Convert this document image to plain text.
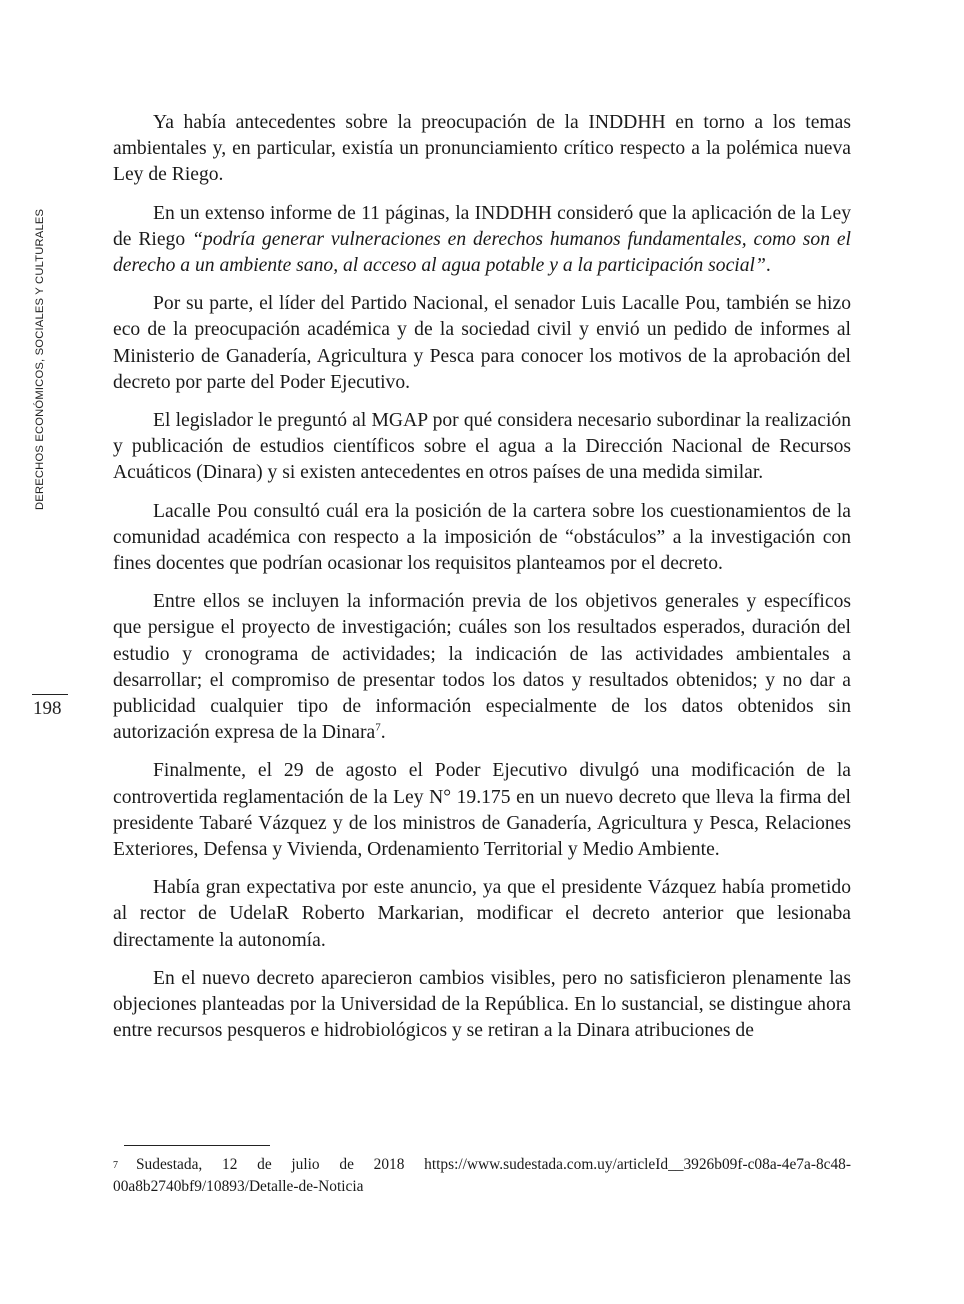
DERECHOS ECONÓMICOS, SOCIALES Y CULTURALES
198

Ya había antecedentes sobre la preocupación de la INDDHH en torno a los temas ambientales y, en particular, existía un pronunciamiento crítico respecto a la polémica nueva Ley de Riego.

En un extenso informe de 11 páginas, la INDDHH consideró que la aplicación de la Ley de Riego “podría generar vulneraciones en derechos humanos fundamentales, como son el derecho a un ambiente sano, al acceso al agua potable y a la participación social”.

Por su parte, el líder del Partido Nacional, el senador Luis Lacalle Pou, también se hizo eco de la preocupación académica y de la sociedad civil y envió un pedido de informes al Ministerio de Ganadería, Agricultura y Pesca para conocer los motivos de la aprobación del decreto por parte del Poder Ejecutivo.

El legislador le preguntó al MGAP por qué considera necesario subordinar la realización y publicación de estudios científicos sobre el agua a la Dirección Nacional de Recursos Acuáticos (Dinara) y si existen antecedentes en otros países de una medida similar.

Lacalle Pou consultó cuál era la posición de la cartera sobre los cuestionamientos de la comunidad académica con respecto a la imposición de “obstáculos” a la investigación con fines docentes que podrían ocasionar los requisitos planteamos por el decreto.

Entre ellos se incluyen la información previa de los objetivos generales y específicos que persigue el proyecto de investigación; cuáles son los resultados esperados, duración del estudio y cronograma de actividades; la indicación de las actividades ambientales a desarrollar; el compromiso de presentar todos los datos y resultados obtenidos; y no dar a publicidad cualquier tipo de información especialmente de los datos obtenidos sin autorización expresa de la Dinara$^7$.

Finalmente, el 29 de agosto el Poder Ejecutivo divulgó una modificación de la controvertida reglamentación de la Ley N° 19.175 en un nuevo decreto que lleva la firma del presidente Tabaré Vázquez y de los ministros de Ganadería, Agricultura y Pesca, Relaciones Exteriores, Defensa y Vivienda, Ordenamiento Territorial y Medio Ambiente.

Había gran expectativa por este anuncio, ya que el presidente Vázquez había prometido al rector de UdelaR Roberto Markarian, modificar el decreto anterior que lesionaba directamente la autonomía.

En el nuevo decreto aparecieron cambios visibles, pero no satisficieron plenamente las objeciones planteadas por la Universidad de la República. En lo sustancial, se distingue ahora entre recursos pesqueros e hidrobiológicos y se retiran a la Dinara atribuciones de

$^7$ Sudestada, 12 de julio de 2018 https://www.sudestada.com.uy/articleId__3926b09f-c08a-4e7a-8c48-00a8b2740bf9/10893/Detalle-de-Noticia
